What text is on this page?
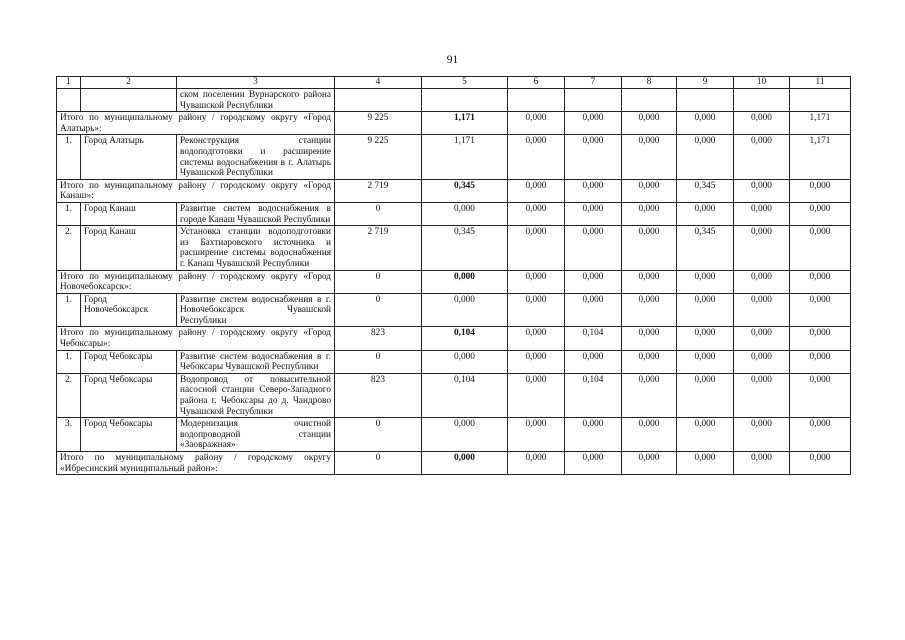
91
1	2	3	4	5	6	7	8	9	10	11
		ском поселении Вурнарского района Чувашской Республики								
Итого по муниципальному району / городскому округу «Город Алатырь»:			9 225	1,171	0,000	0,000	0,000	0,000	0,000	1,171
1.	Город Алатырь	Реконструкция станции водоподготовки и расширение системы водоснабжения в г. Алатырь Чувашской Республики	9 225	1,171	0,000	0,000	0,000	0,000	0,000	1,171
Итого по муниципальному району / городскому округу «Город Канаш»:			2 719	0,345	0,000	0,000	0,000	0,345	0,000	0,000
1.	Город Канаш	Развитие систем водоснабжения в городе Канаш Чувашской Республики	0	0,000	0,000	0,000	0,000	0,000	0,000	0,000
2.	Город Канаш	Установка станции водоподготовки из Бахтиаровского источника и расширение системы водоснабжения г. Канаш Чувашской Республики	2 719	0,345	0,000	0,000	0,000	0,345	0,000	0,000
Итого по муниципальному району / городскому округу «Город Новочебоксарск»:			0	0,000	0,000	0,000	0,000	0,000	0,000	0,000
1.	Город Новочебоксарск	Развитие систем водоснабжения в г. Новочебоксарск Чувашской Республики	0	0,000	0,000	0,000	0,000	0,000	0,000	0,000
Итого по муниципальному району / городскому округу «Город Чебоксары»:			823	0,104	0,000	0,104	0,000	0,000	0,000	0,000
1.	Город Чебоксары	Развитие систем водоснабжения в г. Чебоксары Чувашской Республики	0	0,000	0,000	0,000	0,000	0,000	0,000	0,000
2.	Город Чебоксары	Водопровод от повысительной насосной станции Северо-Западного района г. Чебоксары до д. Чандрово Чувашской Республики	823	0,104	0,000	0,104	0,000	0,000	0,000	0,000
3.	Город Чебоксары	Модернизация очистной водопроводной станции «Заовражная»	0	0,000	0,000	0,000	0,000	0,000	0,000	0,000
Итого по муниципальному району / городскому округу «Ибресинский муниципальный район»:			0	0,000	0,000	0,000	0,000	0,000	0,000	0,000
